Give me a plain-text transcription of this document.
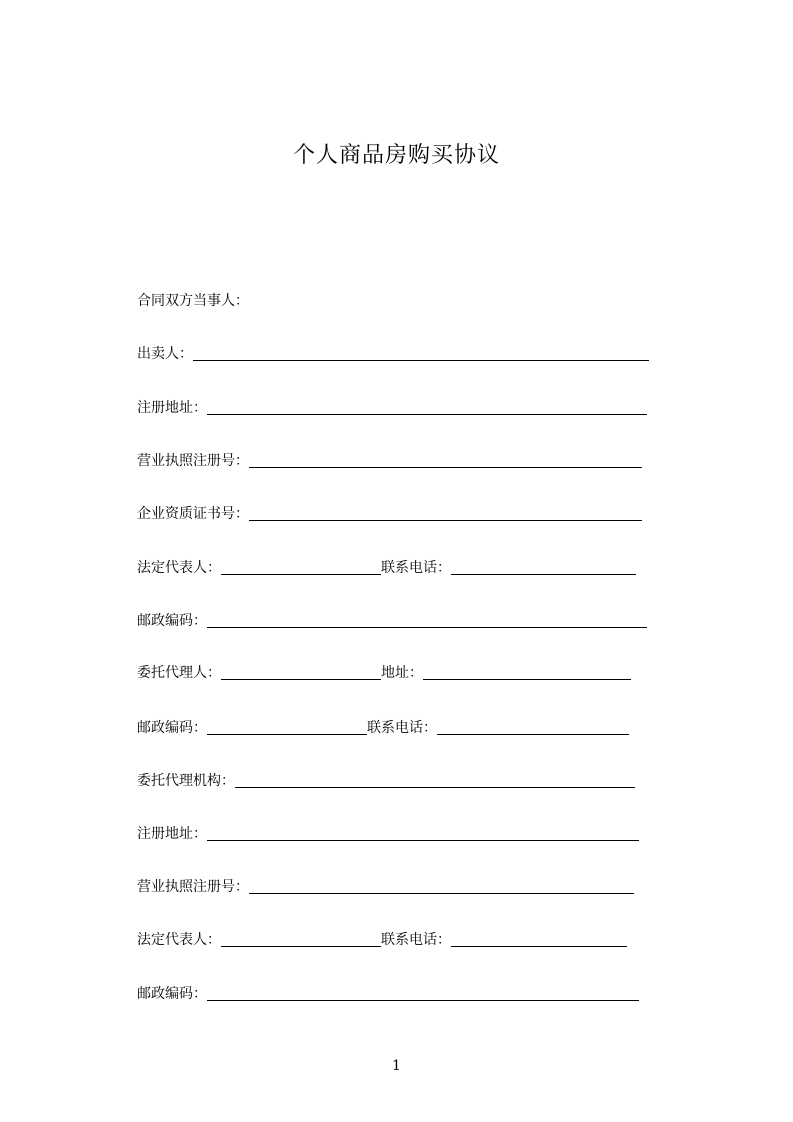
个人商品房购买协议
合同双方当事人：
出卖人：
注册地址：
营业执照注册号：
企业资质证书号：
法定代表人：	联系电话：
邮政编码：
委托代理人：	地址：
邮政编码：	联系电话：
委托代理机构：
注册地址：
营业执照注册号：
法定代表人：	联系电话：
邮政编码：
1
